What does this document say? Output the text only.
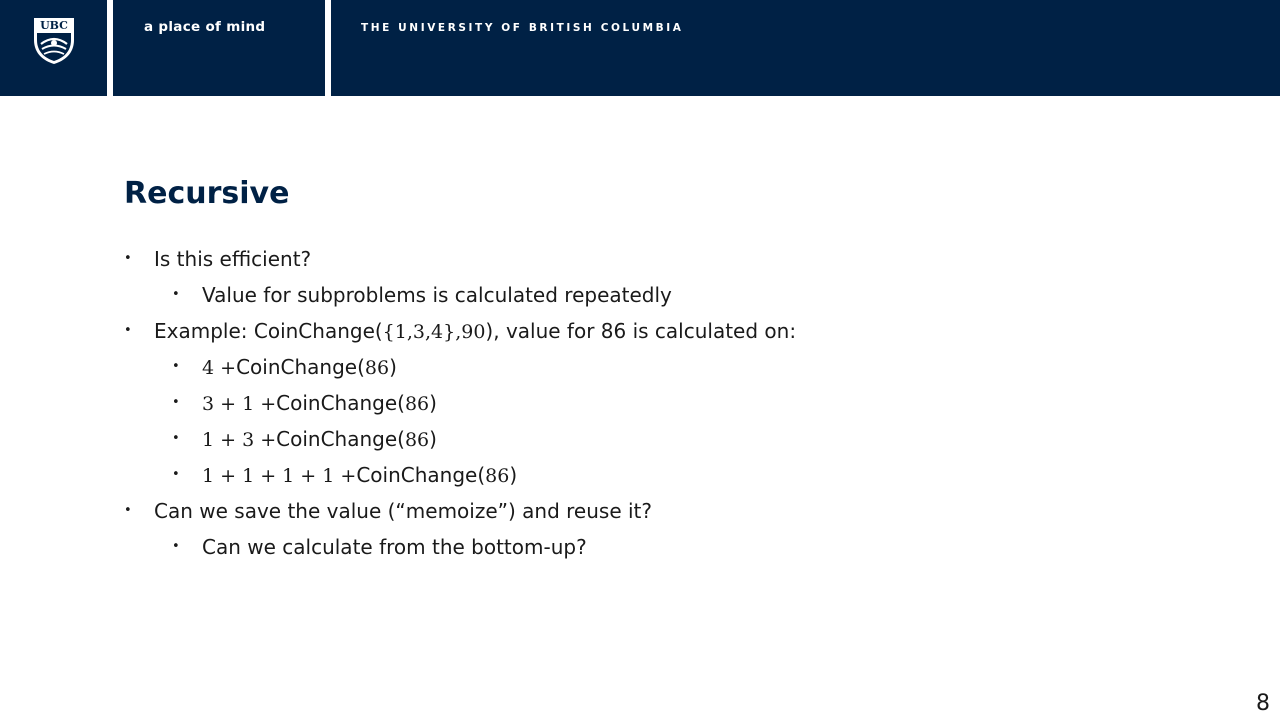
UBC	a place of mind	THE UNIVERSITY OF BRITISH COLUMBIA
Recursive
• Is this efficient?
• Value for subproblems is calculated repeatedly
• Example: CoinChange({1,3,4},90), value for 86 is calculated on:
• 4 +CoinChange(86)
• 3 + 1 +CoinChange(86)
• 1 + 3 +CoinChange(86)
• 1 + 1 + 1 + 1 +CoinChange(86)
• Can we save the value (“memoize”) and reuse it?
• Can we calculate from the bottom-up?
8
